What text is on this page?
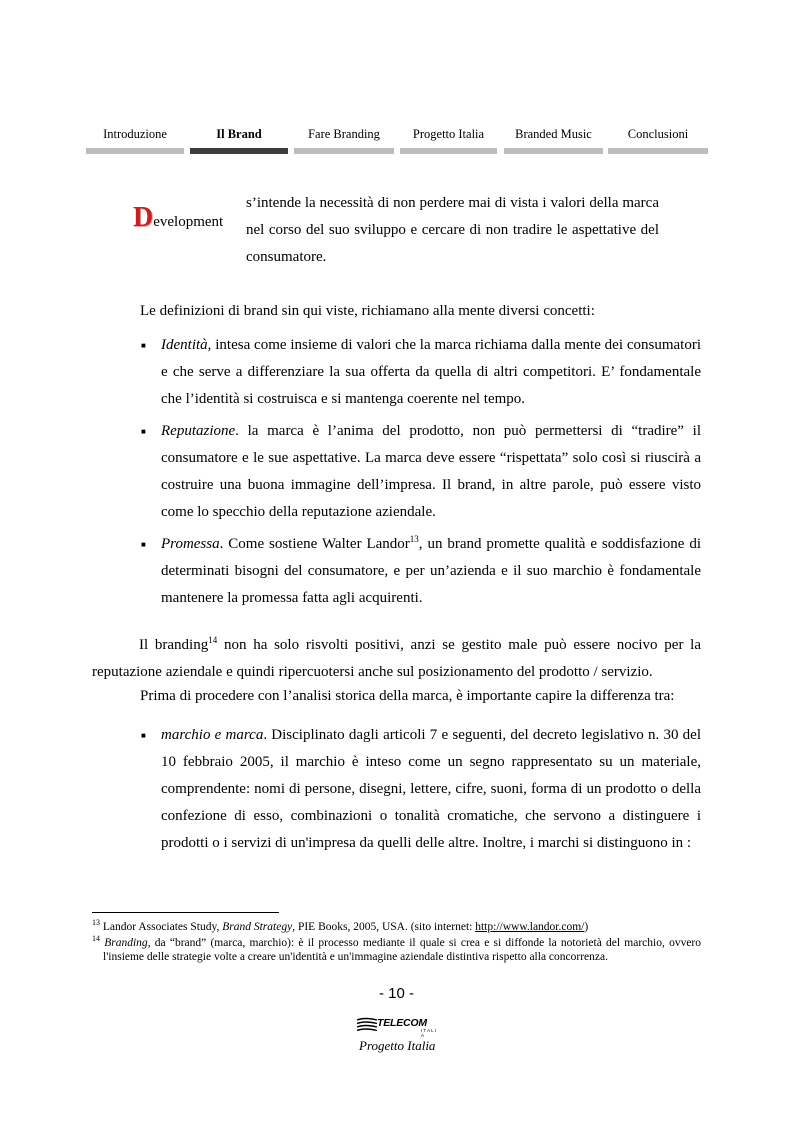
Introduzione	Il Brand	Fare Branding	Progetto Italia	Branded Music	Conclusioni
Development
s’intende la necessità di non perdere mai di vista i valori della marca nel corso del suo sviluppo e cercare di non tradire le aspettative del consumatore.
Le definizioni di brand sin qui viste, richiamano alla mente diversi concetti:
■ Identità, intesa come insieme di valori che la marca richiama dalla mente dei consumatori e che serve a differenziare la sua offerta da quella di altri competitori. E’ fondamentale che l’identità si costruisca e si mantenga coerente nel tempo.
■ Reputazione. la marca è l’anima del prodotto, non può permettersi di “tradire” il consumatore e le sue aspettative. La marca deve essere “rispettata” solo così si riuscirà a costruire una buona immagine dell’impresa. Il brand, in altre parole, può essere visto come lo specchio della reputazione aziendale.
■ Promessa. Come sostiene Walter Landor$^{13}$, un brand promette qualità e soddisfazione di determinati bisogni del consumatore, e per un’azienda e il suo marchio è fondamentale mantenere la promessa fatta agli acquirenti.
Il branding$^{14}$ non ha solo risvolti positivi, anzi se gestito male può essere nocivo per la reputazione aziendale e quindi ripercuotersi anche sul posizionamento del prodotto / servizio.
Prima di procedere con l’analisi storica della marca, è importante capire la differenza tra:
■ marchio e marca. Disciplinato dagli articoli 7 e seguenti, del decreto legislativo n. 30 del 10 febbraio 2005, il marchio è inteso come un segno rappresentato su un materiale, comprendente: nomi di persone, disegni, lettere, cifre, suoni, forma di un prodotto o della confezione di esso, combinazioni o tonalità cromatiche, che servono a distinguere i prodotti o i servizi di un'impresa da quelli delle altre. Inoltre, i marchi si distinguono in :
$^{13}$ Landor Associates Study, Brand Strategy, PIE Books, 2005, USA. (sito internet: http://www.landor.com/)
$^{14}$ Branding, da “brand” (marca, marchio): è il processo mediante il quale si crea e si diffonde la notorietà del marchio, ovvero l'insieme delle strategie volte a creare un'identità e un'immagine aziendale distintiva rispetto alla concorrenza.
- 10 -
TELECOM
I T A L I A
Progetto Italia
